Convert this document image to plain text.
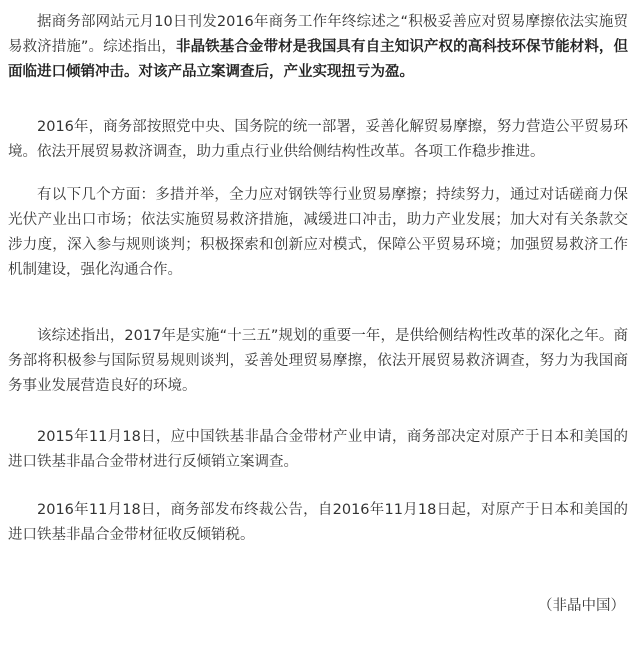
据商务部网站元月10日刊发2016年商务工作年终综述之“积极妥善应对贸易摩擦依法实施贸易救济措施”。综述指出，非晶铁基合金带材是我国具有自主知识产权的高科技环保节能材料，但面临进口倾销冲击。对该产品立案调查后，产业实现扭亏为盈。

2016年，商务部按照党中央、国务院的统一部署，妥善化解贸易摩擦，努力营造公平贸易环境。依法开展贸易救济调查，助力重点行业供给侧结构性改革。各项工作稳步推进。

有以下几个方面：多措并举，全力应对钢铁等行业贸易摩擦；持续努力，通过对话磋商力保光伏产业出口市场；依法实施贸易救济措施，减缓进口冲击，助力产业发展；加大对有关条款交涉力度，深入参与规则谈判；积极探索和创新应对模式，保障公平贸易环境；加强贸易救济工作机制建设，强化沟通合作。

该综述指出，2017年是实施“十三五”规划的重要一年，是供给侧结构性改革的深化之年。商务部将积极参与国际贸易规则谈判，妥善处理贸易摩擦，依法开展贸易救济调查，努力为我国商务事业发展营造良好的环境。

2015年11月18日，应中国铁基非晶合金带材产业申请，商务部决定对原产于日本和美国的进口铁基非晶合金带材进行反倾销立案调查。

2016年11月18日，商务部发布终裁公告，自2016年11月18日起，对原产于日本和美国的进口铁基非晶合金带材征收反倾销税。

（非晶中国）
